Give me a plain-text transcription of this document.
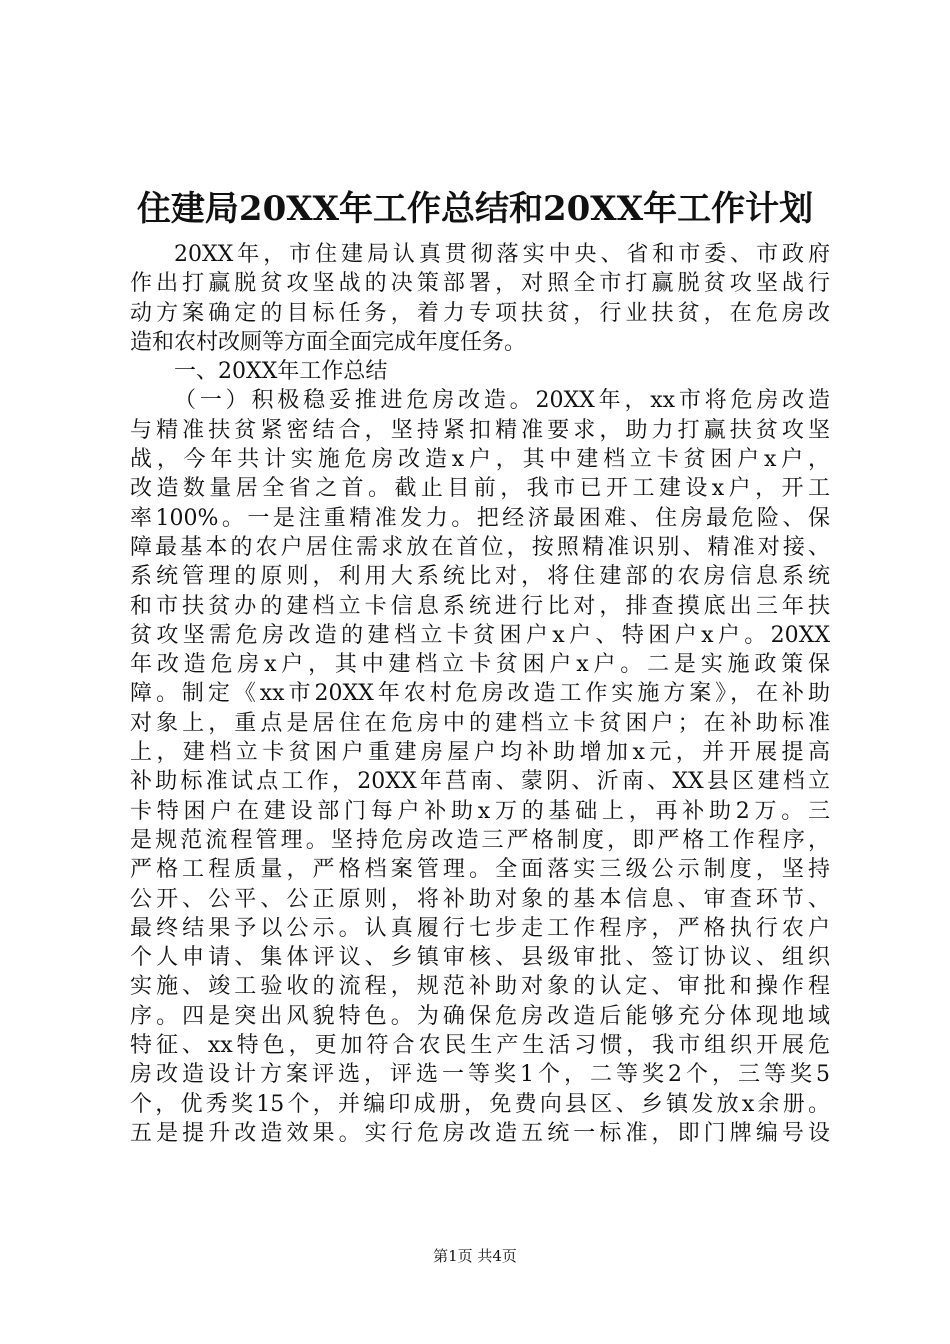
住建局20XX年工作总结和20XX年工作计划
20XX年，市住建局认真贯彻落实中央、省和市委、市政府
作出打赢脱贫攻坚战的决策部署，对照全市打赢脱贫攻坚战行
动方案确定的目标任务，着力专项扶贫，行业扶贫，在危房改
造和农村改厕等方面全面完成年度任务。
一、20XX年工作总结
（一）积极稳妥推进危房改造。20XX年，xx市将危房改造
与精准扶贫紧密结合，坚持紧扣精准要求，助力打赢扶贫攻坚
战，今年共计实施危房改造x户，其中建档立卡贫困户x户，
改造数量居全省之首。截止目前，我市已开工建设x户，开工
率100%。一是注重精准发力。把经济最困难、住房最危险、保
障最基本的农户居住需求放在首位，按照精准识别、精准对接、
系统管理的原则，利用大系统比对，将住建部的农房信息系统
和市扶贫办的建档立卡信息系统进行比对，排查摸底出三年扶
贫攻坚需危房改造的建档立卡贫困户x户、特困户x户。20XX
年改造危房x户，其中建档立卡贫困户x户。二是实施政策保
障。制定《xx市20XX年农村危房改造工作实施方案》，在补助
对象上，重点是居住在危房中的建档立卡贫困户；在补助标准
上，建档立卡贫困户重建房屋户均补助增加x元，并开展提高
补助标准试点工作，20XX年莒南、蒙阴、沂南、XX县区建档立
卡特困户在建设部门每户补助x万的基础上，再补助2万。三
是规范流程管理。坚持危房改造三严格制度，即严格工作程序，
严格工程质量，严格档案管理。全面落实三级公示制度，坚持
公开、公平、公正原则，将补助对象的基本信息、审查环节、
最终结果予以公示。认真履行七步走工作程序，严格执行农户
个人申请、集体评议、乡镇审核、县级审批、签订协议、组织
实施、竣工验收的流程，规范补助对象的认定、审批和操作程
序。四是突出风貌特色。为确保危房改造后能够充分体现地域
特征、xx特色，更加符合农民生产生活习惯，我市组织开展危
房改造设计方案评选，评选一等奖1个，二等奖2个，三等奖5
个，优秀奖15个，并编印成册，免费向县区、乡镇发放x余册。
五是提升改造效果。实行危房改造五统一标准，即门牌编号设
第1页 共4页
